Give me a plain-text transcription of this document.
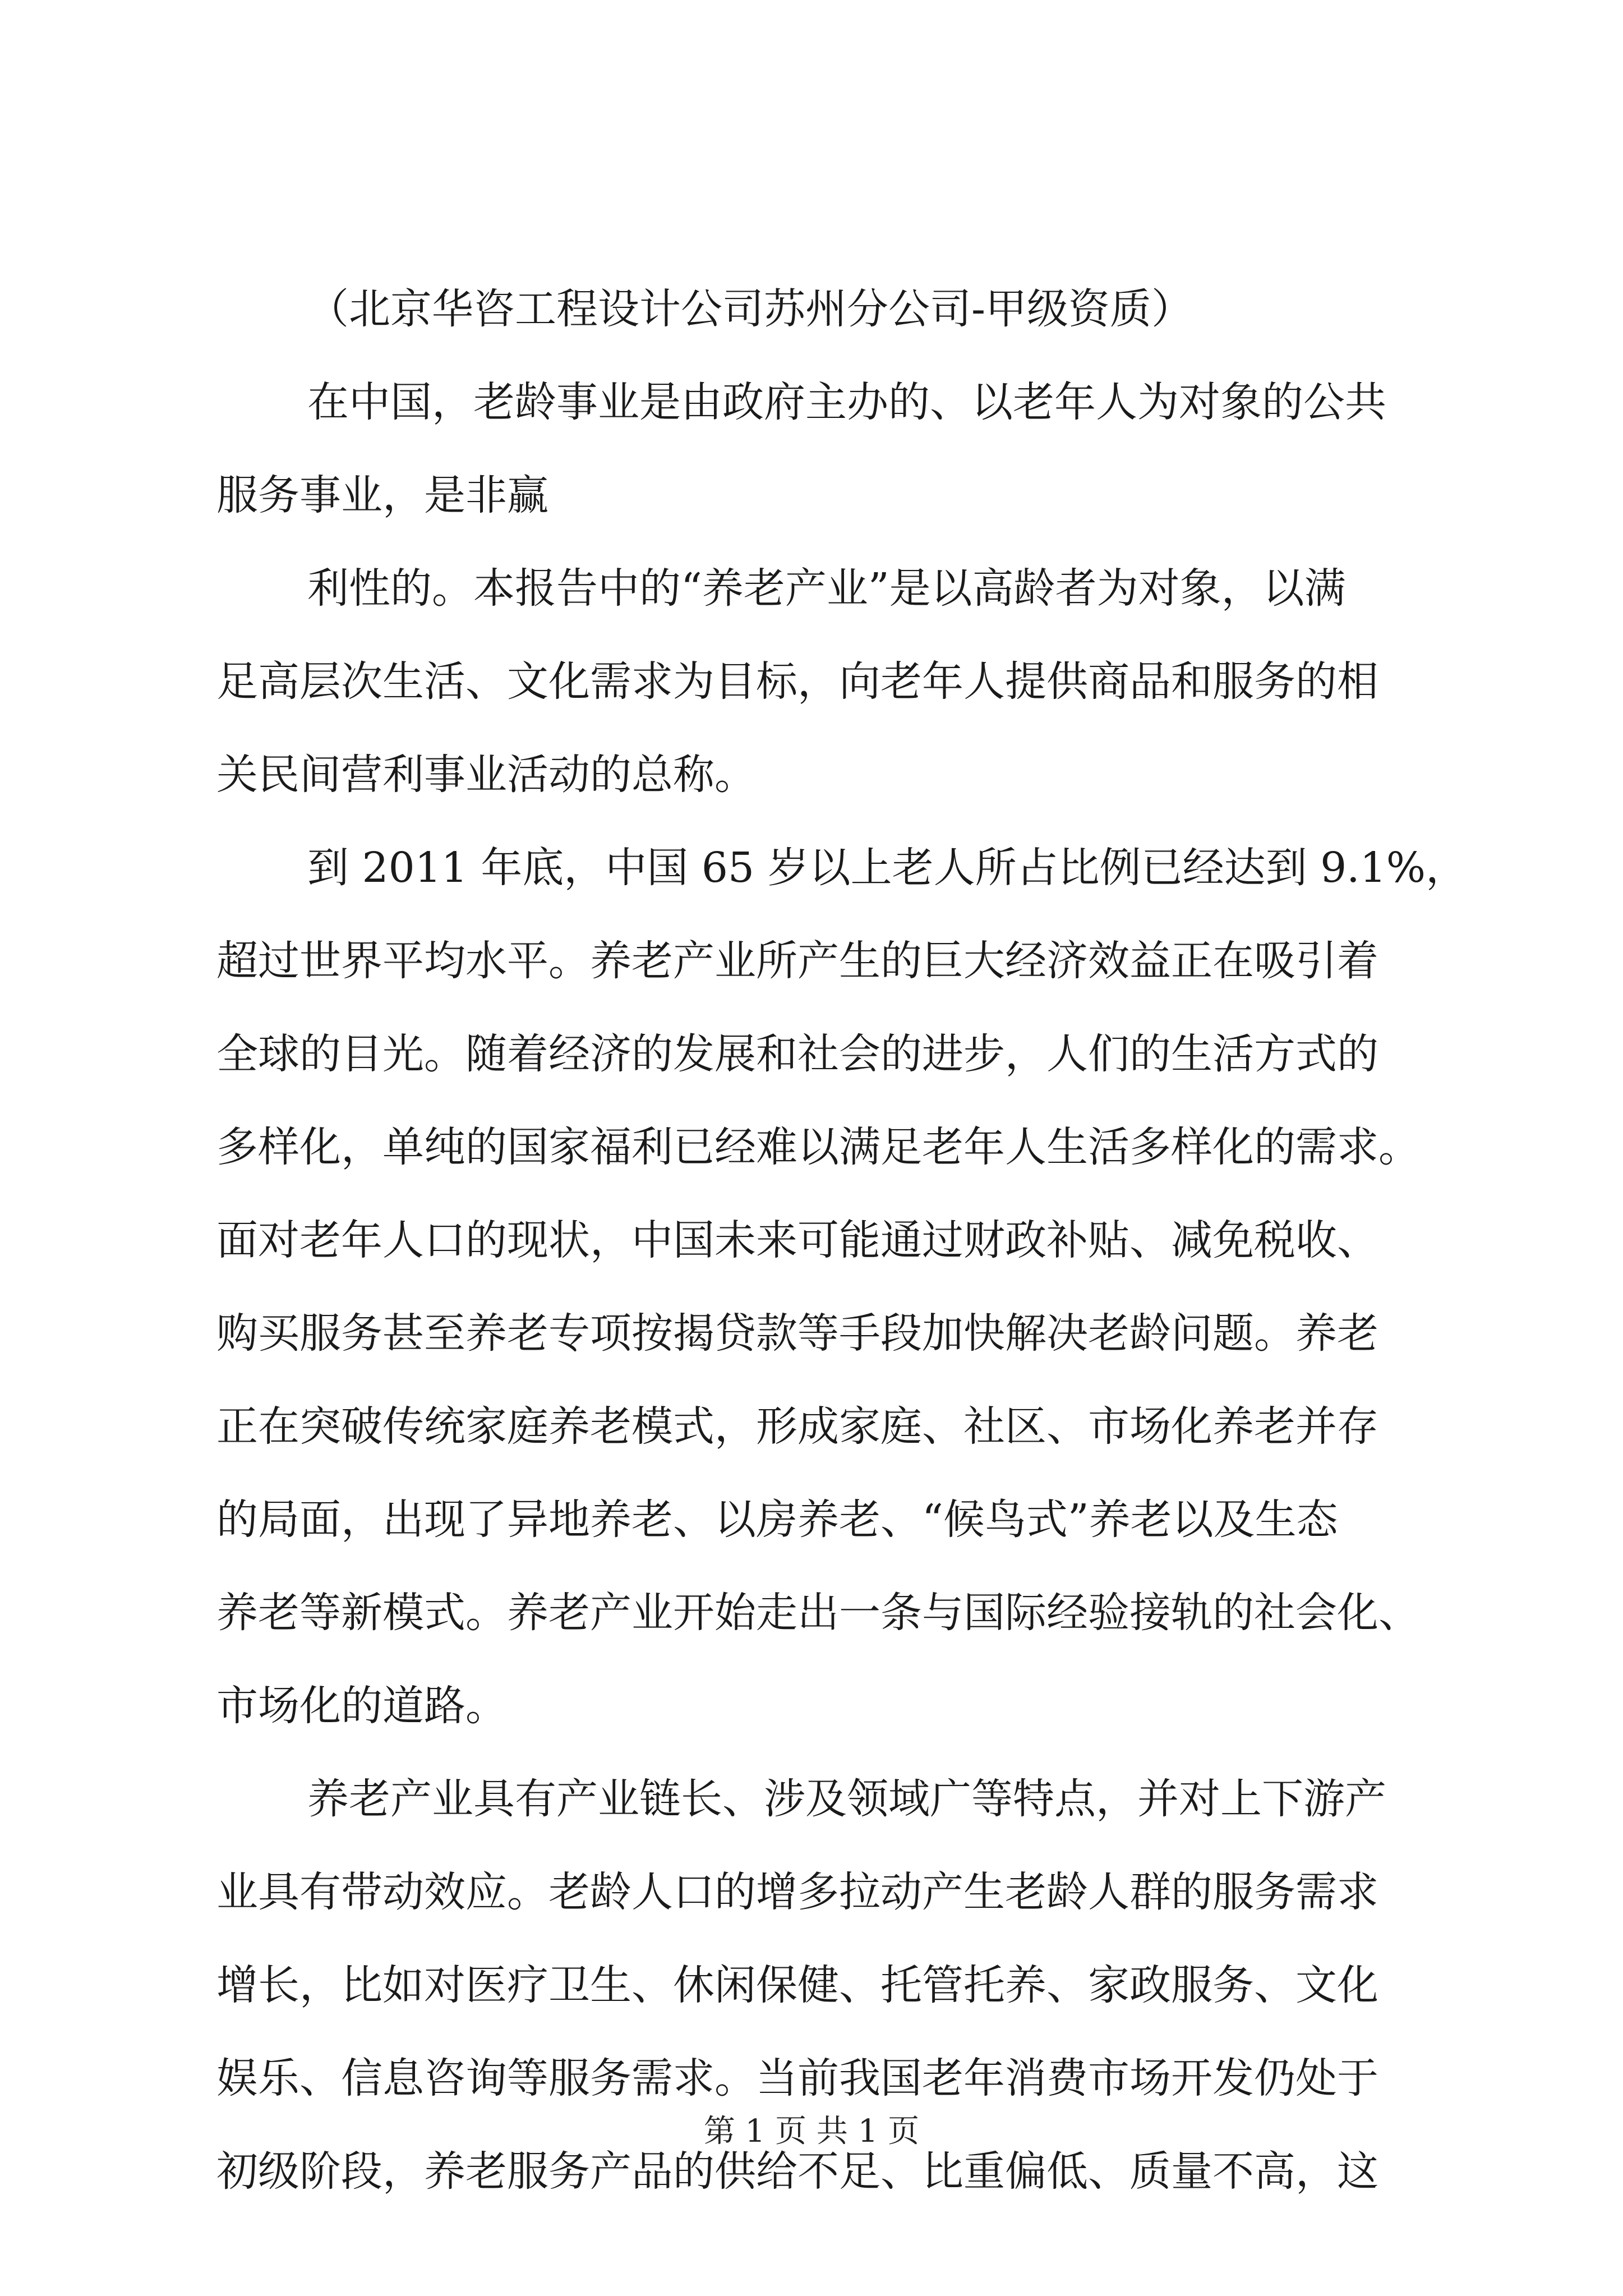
（北京华咨工程设计公司苏州分公司-甲级资质）
在中国，老龄事业是由政府主办的、以老年人为对象的公共
服务事业，是非赢
利性的。本报告中的“养老产业”是以高龄者为对象，以满
足高层次生活、文化需求为目标，向老年人提供商品和服务的相
关民间营利事业活动的总称。
到 2011 年底，中国 65 岁以上老人所占比例已经达到 9.1%，
超过世界平均水平。养老产业所产生的巨大经济效益正在吸引着
全球的目光。随着经济的发展和社会的进步，人们的生活方式的
多样化，单纯的国家福利已经难以满足老年人生活多样化的需求。
面对老年人口的现状，中国未来可能通过财政补贴、减免税收、
购买服务甚至养老专项按揭贷款等手段加快解决老龄问题。养老
正在突破传统家庭养老模式，形成家庭、社区、市场化养老并存
的局面，出现了异地养老、以房养老、“候鸟式”养老以及生态
养老等新模式。养老产业开始走出一条与国际经验接轨的社会化、
市场化的道路。
养老产业具有产业链长、涉及领域广等特点，并对上下游产
业具有带动效应。老龄人口的增多拉动产生老龄人群的服务需求
增长，比如对医疗卫生、休闲保健、托管托养、家政服务、文化
娱乐、信息咨询等服务需求。当前我国老年消费市场开发仍处于
初级阶段，养老服务产品的供给不足、比重偏低、质量不高，这
第 1 页 共 1 页
